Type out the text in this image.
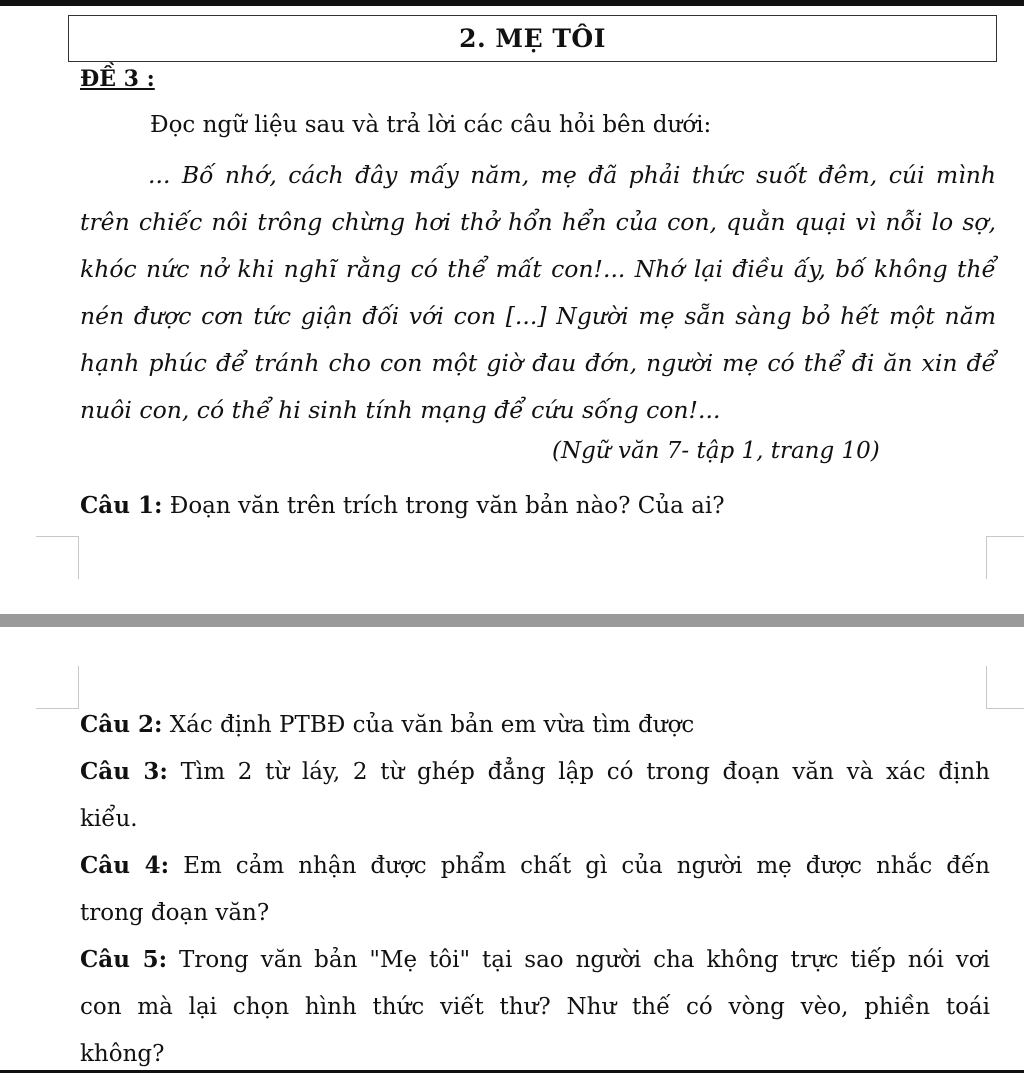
2. MẸ TÔI
ĐỀ 3 :
Đọc ngữ liệu sau và trả lời các câu hỏi bên dưới:
... Bố nhớ, cách đây mấy năm, mẹ đã phải thức suốt đêm, cúi mình
trên chiếc nôi trông chừng hơi thở hổn hển của con, quằn quại vì nỗi lo sợ,
khóc nức nở khi nghĩ rằng có thể mất con!... Nhớ lại điều ấy, bố không thể
nén được cơn tức giận đối với con [...] Người mẹ sẵn sàng bỏ hết một năm
hạnh phúc để tránh cho con một giờ đau đớn, người mẹ có thể đi ăn xin để
nuôi con, có thể hi sinh tính mạng để cứu sống con!...
(Ngữ văn 7- tập 1, trang 10)
Câu 1: Đoạn văn trên trích trong văn bản nào? Của ai?
Câu 2: Xác định PTBĐ của văn bản em vừa tìm được
Câu 3: Tìm 2 từ láy, 2 từ ghép đẳng lập có trong đoạn văn và xác định
kiểu.
Câu 4: Em cảm nhận được phẩm chất gì của người mẹ được nhắc đến
trong đoạn văn?
Câu 5: Trong văn bản "Mẹ tôi" tại sao người cha không trực tiếp nói vơi
con mà lại chọn hình thức viết thư? Như thế có vòng vèo, phiền toái
không?
